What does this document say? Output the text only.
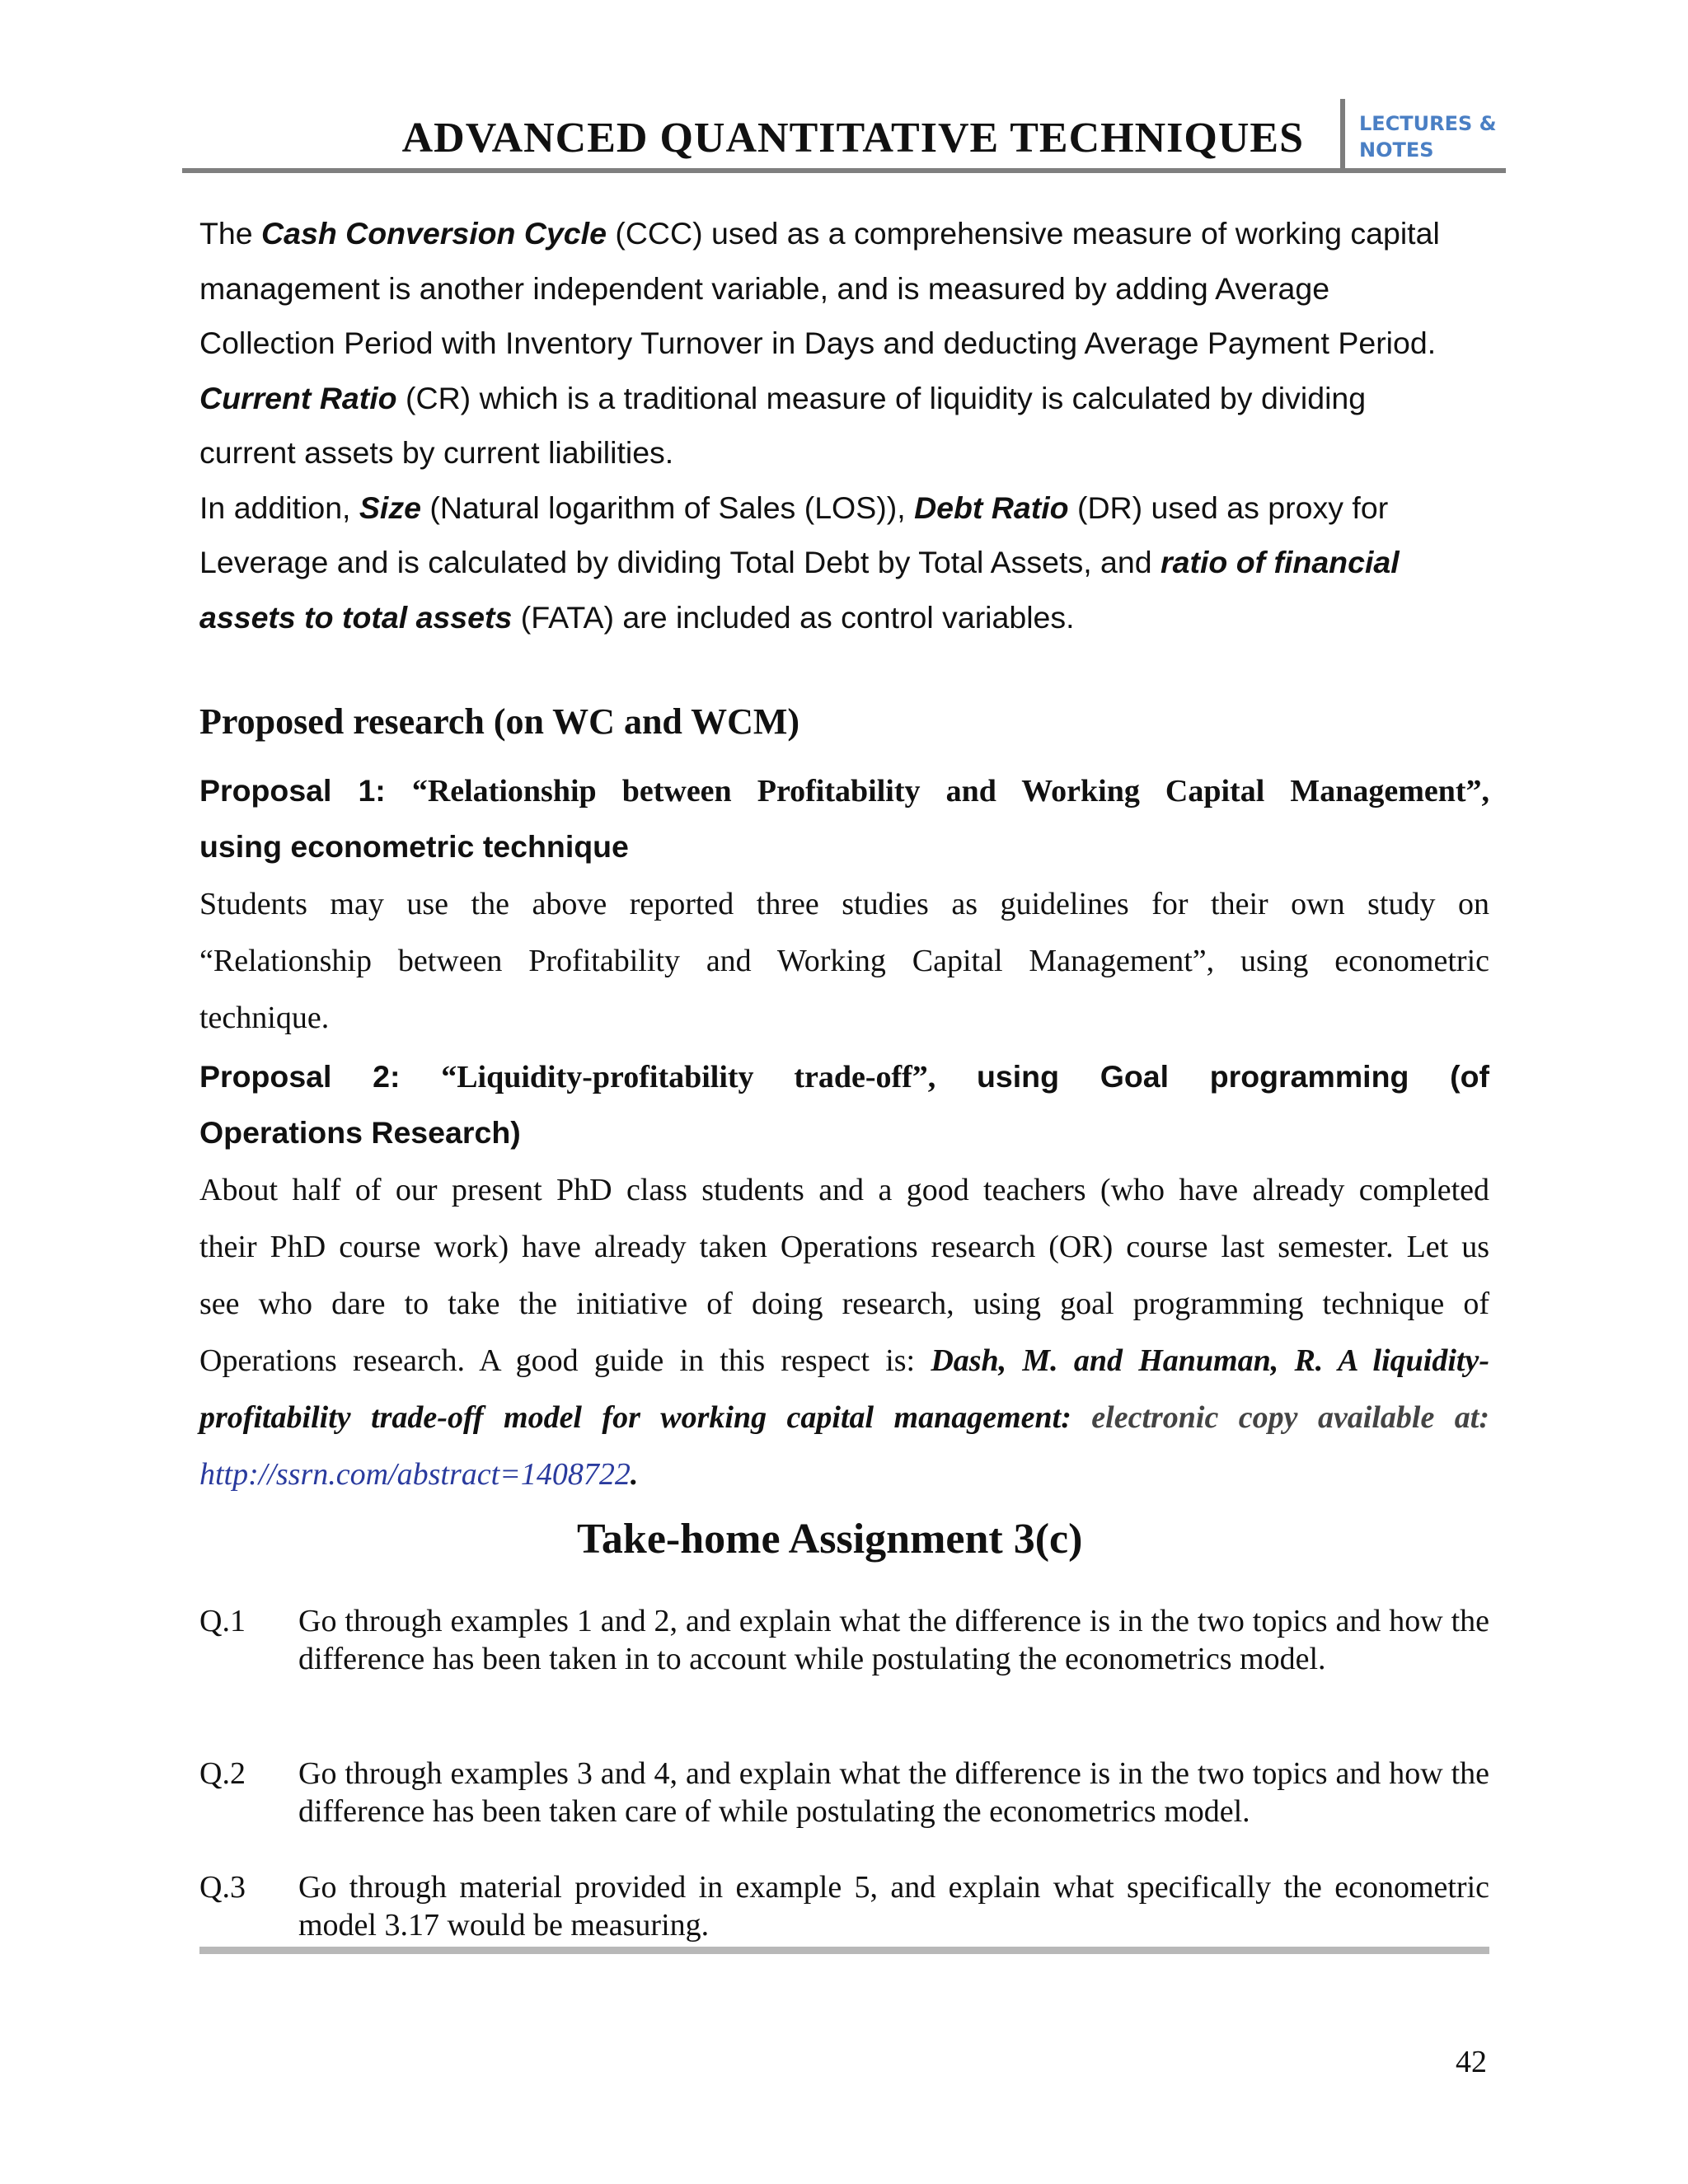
ADVANCED QUANTITATIVE TECHNIQUES	LECTURES &
NOTES
The Cash Conversion Cycle (CCC) used as a comprehensive measure of working capital
management is another independent variable, and is measured by adding Average
Collection Period with Inventory Turnover in Days and deducting Average Payment Period.
Current Ratio (CR) which is a traditional measure of liquidity is calculated by dividing
current assets by current liabilities.
In addition, Size (Natural logarithm of Sales (LOS)), Debt Ratio (DR) used as proxy for
Leverage and is calculated by dividing Total Debt by Total Assets, and ratio of financial
assets to total assets (FATA) are included as control variables.
Proposed research (on WC and WCM)
Proposal 1: “Relationship between Profitability and Working Capital Management”,
using econometric technique
Students may use the above reported three studies as guidelines for their own study on
“Relationship between Profitability and Working Capital Management”, using econometric
technique.
Proposal 2: “Liquidity-profitability trade-off”, using Goal programming (of
Operations Research)
About half of our present PhD class students and a good teachers (who have already completed
their PhD course work) have already taken Operations research (OR) course last semester. Let us
see who dare to take the initiative of doing research, using goal programming technique of
Operations research. A good guide in this respect is: Dash, M. and Hanuman, R. A liquidity-
profitability trade-off model for working capital management: electronic copy available at:
http://ssrn.com/abstract=1408722.
Take-home Assignment 3(c)
Q.1 Go through examples 1 and 2, and explain what the difference is in the two topics and how the difference has been taken in to account while postulating the econometrics model.
Q.2 Go through examples 3 and 4, and explain what the difference is in the two topics and how the difference has been taken care of while postulating the econometrics model.
Q.3 Go through material provided in example 5, and explain what specifically the econometric model 3.17 would be measuring.
42
